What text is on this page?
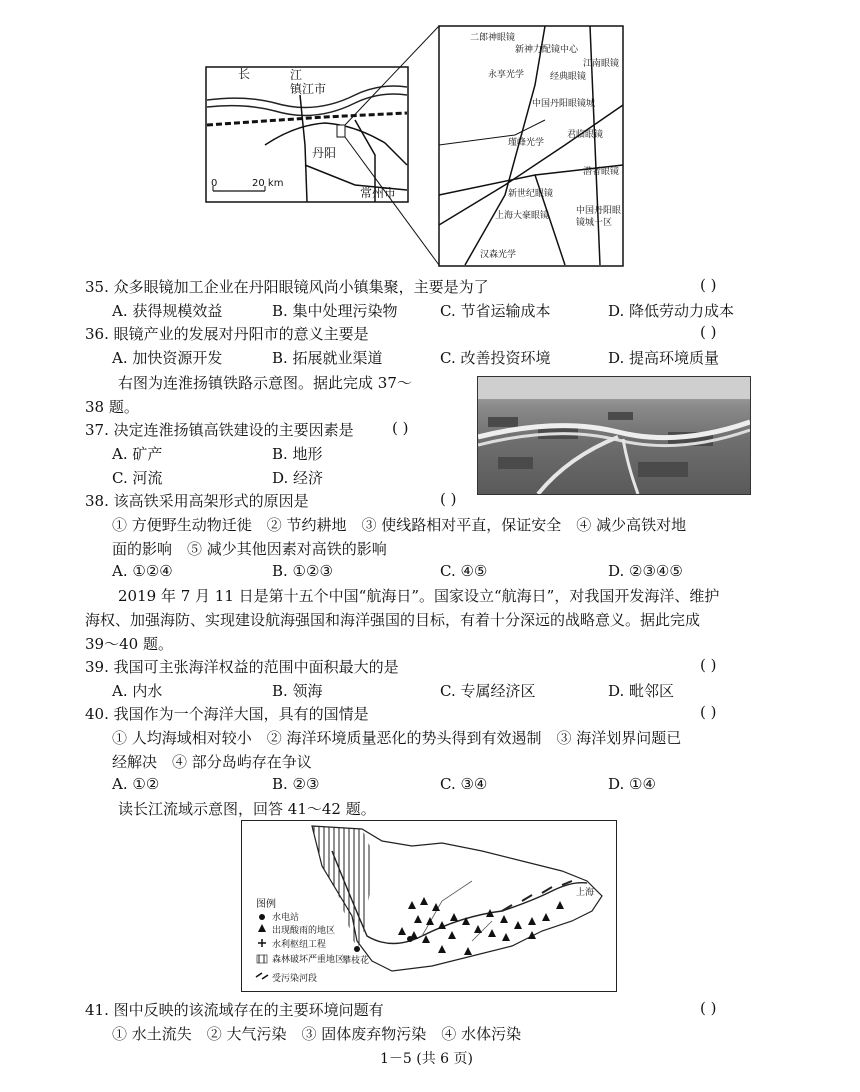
长	江
镇江市
丹阳
常州市
0	20 km
二郎神眼镜
新神力配镜中心
江南眼镜
永享光学	经典眼镜
中国丹阳眼镜城
瑾峰光学
君临眼镜
潜者眼镜
新世纪眼镜
上海大豪眼镜	中国丹阳眼镜城一区
汉森光学
35. 众多眼镜加工企业在丹阳眼镜风尚小镇集聚，主要是为了	( )
A. 获得规模效益	B. 集中处理污染物	C. 节省运输成本	D. 降低劳动力成本
36. 眼镜产业的发展对丹阳市的意义主要是	( )
A. 加快资源开发	B. 拓展就业渠道	C. 改善投资环境	D. 提高环境质量
右图为连淮扬镇铁路示意图。据此完成 37～
38 题。
37. 决定连淮扬镇高铁建设的主要因素是	( )
A. 矿产	B. 地形
C. 河流	D. 经济
38. 该高铁采用高架形式的原因是	( )
① 方便野生动物迁徙　② 节约耕地　③ 使线路相对平直，保证安全　④ 减少高铁对地
面的影响　⑤ 减少其他因素对高铁的影响
A. ①②④	B. ①②③	C. ④⑤	D. ②③④⑤
2019 年 7 月 11 日是第十五个中国“航海日”。国家设立“航海日”，对我国开发海洋、维护
海权、加强海防、实现建设航海强国和海洋强国的目标，有着十分深远的战略意义。据此完成
39～40 题。
39. 我国可主张海洋权益的范围中面积最大的是	( )
A. 内水	B. 领海	C. 专属经济区	D. 毗邻区
40. 我国作为一个海洋大国，具有的国情是	( )
① 人均海域相对较小　② 海洋环境质量恶化的势头得到有效遏制　③ 海洋划界问题已
经解决　④ 部分岛屿存在争议
A. ①②	B. ②③	C. ③④	D. ①④
读长江流域示意图，回答 41～42 题。
图例
水电站
出现酸雨的地区
水利枢纽工程
森林破坏严重地区
受污染河段
攀枝花
上海
41. 图中反映的该流域存在的主要环境问题有	( )
① 水土流失　② 大气污染　③ 固体废弃物污染　④ 水体污染
1－5 (共 6 页)
